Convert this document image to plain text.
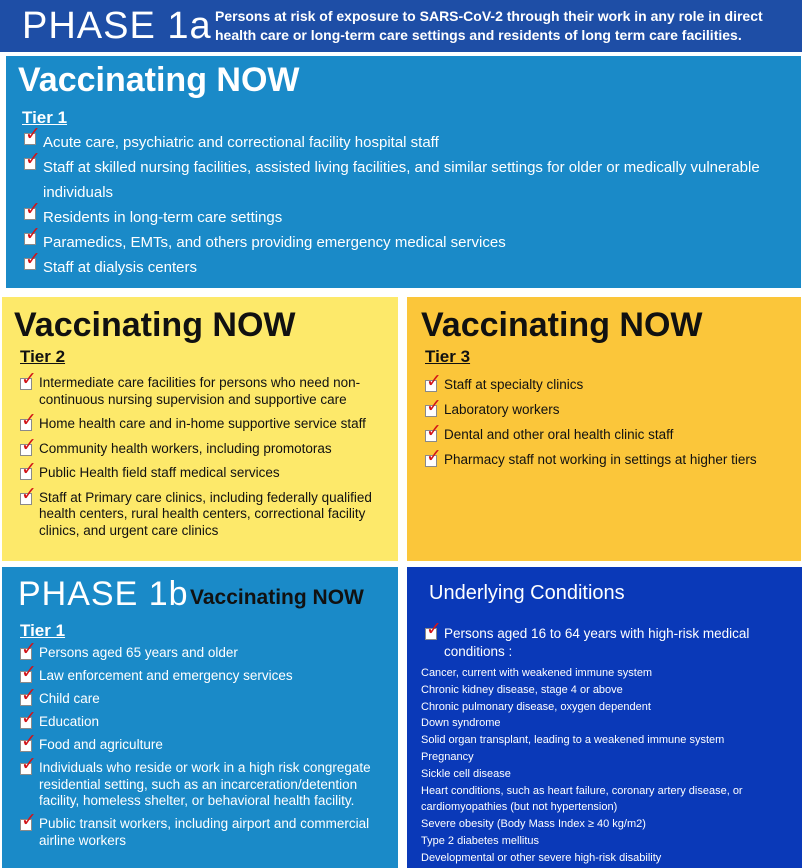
PHASE 1a Persons at risk of exposure to SARS-CoV-2 through their work in any role in direct health care or long-term care settings and residents of long term care facilities.
Vaccinating NOW
Tier 1
✓
Acute care, psychiatric and correctional facility hospital staff
✓
Staff at skilled nursing facilities, assisted living facilities, and similar settings for older or medically vulnerable individuals
✓
Residents in long-term care settings
✓
Paramedics, EMTs, and others providing emergency medical services
✓
Staff at dialysis centers
Vaccinating NOW
Tier 2
✓
Intermediate care facilities for persons who need non-continuous nursing supervision and supportive care
✓
Home health care and in-home supportive service staff
✓
Community health workers, including promotoras
✓
Public Health field staff medical services
✓
Staff at Primary care clinics, including federally qualified health centers, rural health centers, correctional facility clinics, and urgent care clinics
Vaccinating NOW
Tier 3
✓
Staff at specialty clinics
✓
Laboratory workers
✓
Dental and other oral health clinic staff
✓
Pharmacy staff not working in settings at higher tiers
PHASE 1b Vaccinating NOW
Tier 1
✓
Persons aged 65 years and older
✓
Law enforcement and emergency services
✓
Child care
✓
Education
✓
Food and agriculture
✓
Individuals who reside or work in a high risk congregate residential setting, such as an incarceration/detention facility, homeless shelter, or behavioral health facility.
✓
Public transit workers, including airport and commercial airline workers
Underlying Conditions
✓
Persons aged 16 to 64 years with high-risk medical conditions :
Cancer, current with weakened immune system
Chronic kidney disease, stage 4 or above
Chronic pulmonary disease, oxygen dependent
Down syndrome
Solid organ transplant, leading to a weakened immune system
Pregnancy
Sickle cell disease
Heart conditions, such as heart failure, coronary artery disease, or cardiomyopathies (but not hypertension)
Severe obesity (Body Mass Index ≥ 40 kg/m2)
Type 2 diabetes mellitus
Developmental or other severe high-risk disability
